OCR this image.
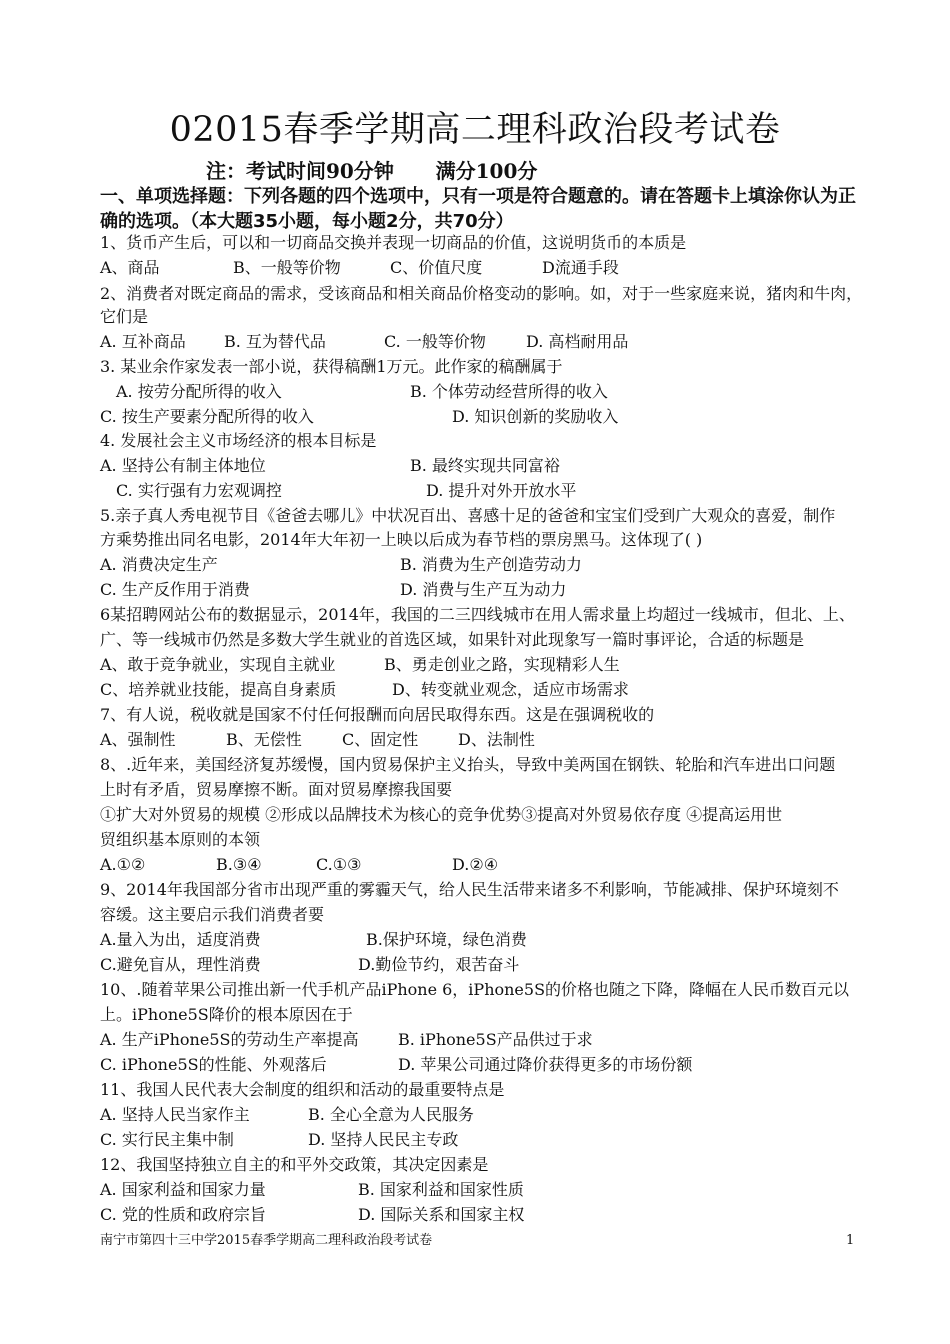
02015春季学期高二理科政治段考试卷
注：考试时间90分钟      满分100分
一、单项选择题：下列各题的四个选项中，只有一项是符合题意的。请在答题卡上填涂你认为正确的选项。（本大题35小题，每小题2分，共70分）
1、货币产生后，可以和一切商品交换并表现一切商品的价值，这说明货币的本质是
A、商品	B、一般等价物	C、价值尺度	D流通手段
2、消费者对既定商品的需求，受该商品和相关商品价格变动的影响。如，对于一些家庭来说，猪肉和牛肉，
它们是
A. 互补商品 B. 互为替代品	C. 一般等价物	D. 高档耐用品
3. 某业余作家发表一部小说，获得稿酬1万元。此作家的稿酬属于
A. 按劳分配所得的收入	B. 个体劳动经营所得的收入
C. 按生产要素分配所得的收入	D. 知识创新的奖励收入
4. 发展社会主义市场经济的根本目标是
A. 坚持公有制主体地位	B. 最终实现共同富裕
C. 实行强有力宏观调控	D. 提升对外开放水平
5.亲子真人秀电视节目《爸爸去哪儿》中状况百出、喜感十足的爸爸和宝宝们受到广大观众的喜爱，制作
方乘势推出同名电影，2014年大年初一上映以后成为春节档的票房黑马。这体现了( )
A. 消费决定生产	B. 消费为生产创造劳动力
C. 生产反作用于消费	D. 消费与生产互为动力
6某招聘网站公布的数据显示，2014年，我国的二三四线城市在用人需求量上均超过一线城市，但北、上、
广、等一线城市仍然是多数大学生就业的首选区域，如果针对此现象写一篇时事评论，合适的标题是
A、敢于竞争就业，实现自主就业	B、勇走创业之路，实现精彩人生
C、培养就业技能，提高自身素质	D、转变就业观念，适应市场需求
7、有人说，税收就是国家不付任何报酬而向居民取得东西。这是在强调税收的
A、强制性	B、无偿性	C、固定性 D、法制性
8、.近年来，美国经济复苏缓慢，国内贸易保护主义抬头，导致中美两国在钢铁、轮胎和汽车进出口问题
上时有矛盾，贸易摩擦不断。面对贸易摩擦我国要
①扩大对外贸易的规模 ②形成以品牌技术为核心的竞争优势③提高对外贸易依存度 ④提高运用世
贸组织基本原则的本领
A.①②	B.③④	C.①③	D.②④
9、2014年我国部分省市出现严重的雾霾天气，给人民生活带来诸多不利影响，节能减排、保护环境刻不
容缓。这主要启示我们消费者要
A.量入为出，适度消费	B.保护环境，绿色消费
C.避免盲从，理性消费	D.勤俭节约，艰苦奋斗
10、.随着苹果公司推出新一代手机产品iPhone 6，iPhone5S的价格也随之下降，降幅在人民币数百元以
上。iPhone5S降价的根本原因在于
A. 生产iPhone5S的劳动生产率提高 B. iPhone5S产品供过于求
C. iPhone5S的性能、外观落后	D. 苹果公司通过降价获得更多的市场份额
11、我国人民代表大会制度的组织和活动的最重要特点是
A. 坚持人民当家作主	B. 全心全意为人民服务
C. 实行民主集中制	D. 坚持人民民主专政
12、我国坚持独立自主的和平外交政策，其决定因素是
A. 国家利益和国家力量	B. 国家利益和国家性质
C. 党的性质和政府宗旨	D. 国际关系和国家主权
南宁市第四十三中学2015春季学期高二理科政治段考试卷	1
